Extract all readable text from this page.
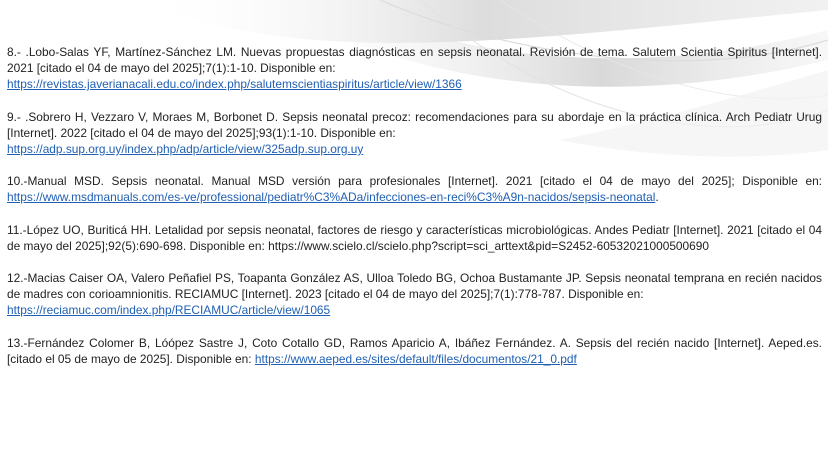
8.- .Lobo-Salas YF, Martínez-Sánchez LM. Nuevas propuestas diagnósticas en sepsis neonatal. Revisión de tema. Salutem Scientia Spiritus [Internet]. 2021 [citado el 04 de mayo del 2025];7(1):1-10. Disponible en:
https://revistas.javerianacali.edu.co/index.php/salutemscientiaspiritus/article/view/1366

9.- .Sobrero H, Vezzaro V, Moraes M, Borbonet D. Sepsis neonatal precoz: recomendaciones para su abordaje en la práctica clínica. Arch Pediatr Urug [Internet]. 2022 [citado el 04 de mayo del 2025];93(1):1-10. Disponible en:
https://adp.sup.org.uy/index.php/adp/article/view/325adp.sup.org.uy

10.-Manual MSD. Sepsis neonatal. Manual MSD versión para profesionales [Internet]. 2021 [citado el 04 de mayo del 2025]; Disponible en: https://www.msdmanuals.com/es-ve/professional/pediatr%C3%ADa/infecciones-en-reci%C3%A9n-nacidos/sepsis-neonatal.

11.-López UO, Buriticá HH. Letalidad por sepsis neonatal, factores de riesgo y características microbiológicas. Andes Pediatr [Internet]. 2021 [citado el 04 de mayo del 2025];92(5):690-698. Disponible en: https://www.scielo.cl/scielo.php?script=sci_arttext&pid=S2452-60532021000500690

12.-Macias Caiser OA, Valero Peñafiel PS, Toapanta González AS, Ulloa Toledo BG, Ochoa Bustamante JP. Sepsis neonatal temprana en recién nacidos de madres con corioamnionitis. RECIAMUC [Internet]. 2023 [citado el 04 de mayo del 2025];7(1):778-787. Disponible en:
https://reciamuc.com/index.php/RECIAMUC/article/view/1065

13.-Fernández Colomer B, Lóópez Sastre J, Coto Cotallo GD, Ramos Aparicio A, Ibáñez Fernández. A. Sepsis del recién nacido [Internet]. Aeped.es. [citado el 05 de mayo de 2025]. Disponible en: https://www.aeped.es/sites/default/files/documentos/21_0.pdf
